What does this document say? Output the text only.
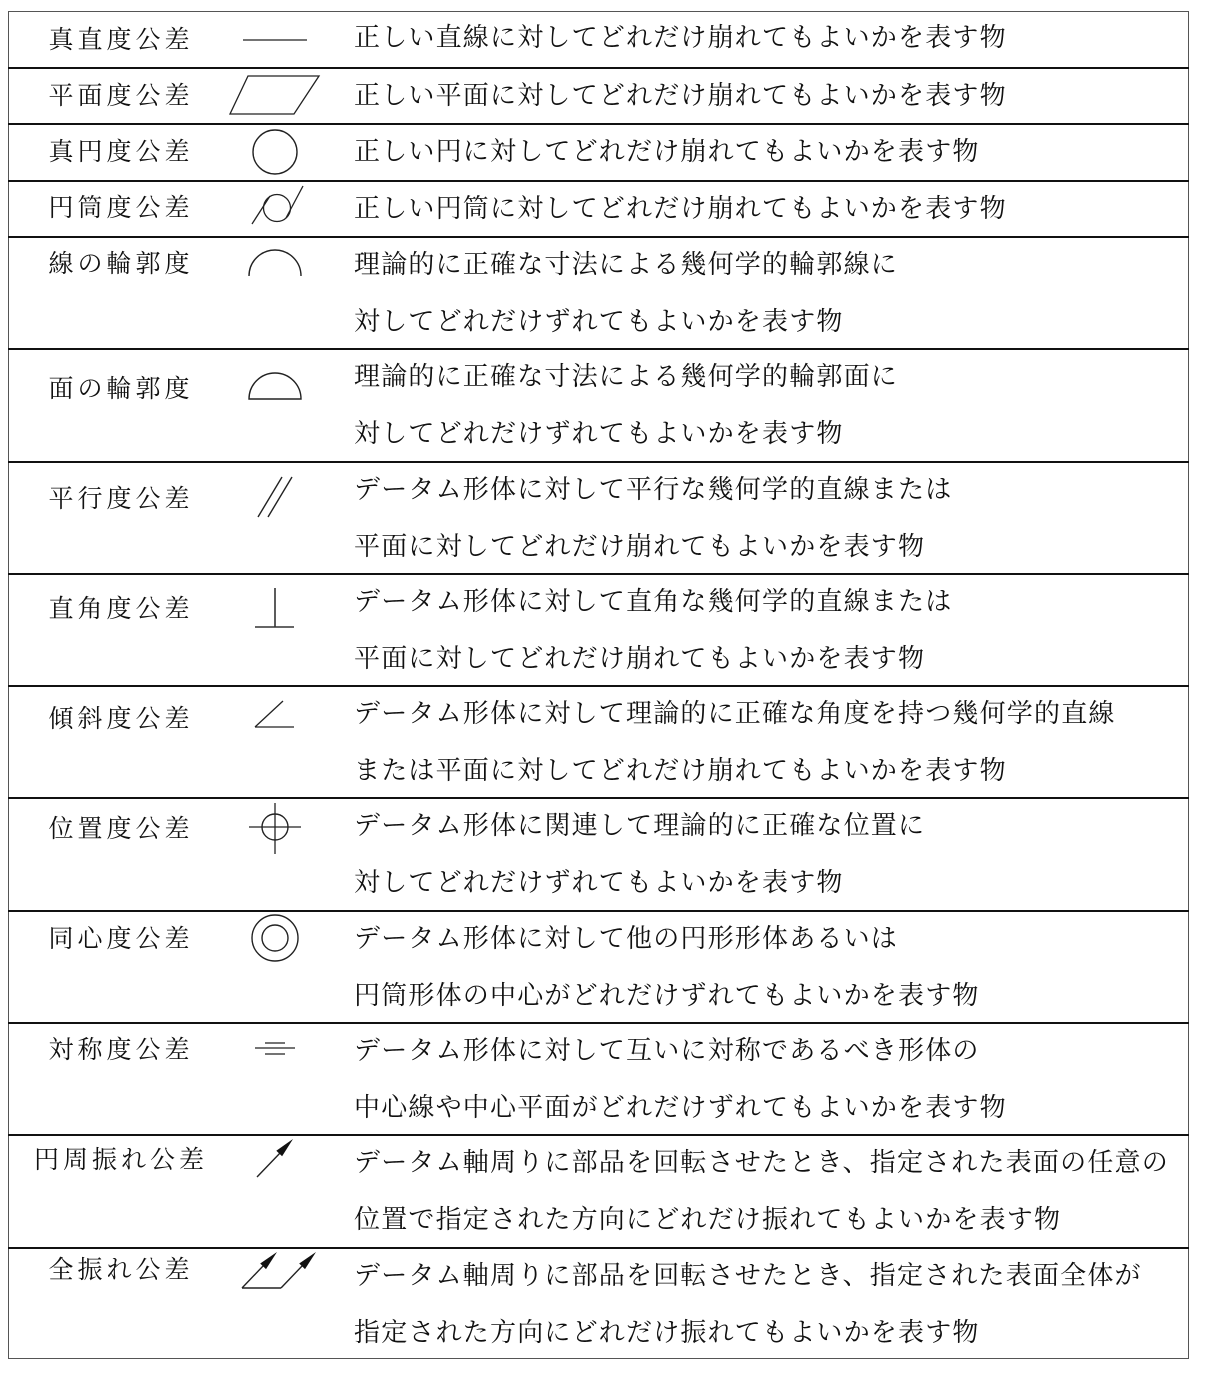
真直度公差	正しい直線に対してどれだけ崩れてもよいかを表す物
平面度公差	正しい平面に対してどれだけ崩れてもよいかを表す物
真円度公差	正しい円に対してどれだけ崩れてもよいかを表す物
円筒度公差	正しい円筒に対してどれだけ崩れてもよいかを表す物
線の輪郭度	理論的に正確な寸法による幾何学的輪郭線に
対してどれだけずれてもよいかを表す物
面の輪郭度	理論的に正確な寸法による幾何学的輪郭面に
対してどれだけずれてもよいかを表す物
平行度公差	データム形体に対して平行な幾何学的直線または
平面に対してどれだけ崩れてもよいかを表す物
直角度公差	データム形体に対して直角な幾何学的直線または
平面に対してどれだけ崩れてもよいかを表す物
傾斜度公差	データム形体に対して理論的に正確な角度を持つ幾何学的直線
または平面に対してどれだけ崩れてもよいかを表す物
位置度公差	データム形体に関連して理論的に正確な位置に
対してどれだけずれてもよいかを表す物
同心度公差	データム形体に対して他の円形形体あるいは
円筒形体の中心がどれだけずれてもよいかを表す物
対称度公差	データム形体に対して互いに対称であるべき形体の
中心線や中心平面がどれだけずれてもよいかを表す物
円周振れ公差	データム軸周りに部品を回転させたとき、指定された表面の任意の
位置で指定された方向にどれだけ振れてもよいかを表す物
全振れ公差	データム軸周りに部品を回転させたとき、指定された表面全体が
指定された方向にどれだけ振れてもよいかを表す物
